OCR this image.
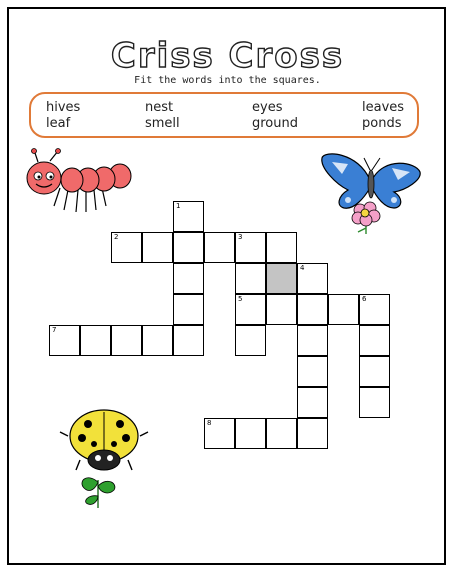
Criss Cross
Fit the words into the squares.
hives	nest	eyes	leaves
leaf	smell	ground	ponds
1
2	3
4
5	6
7
8
